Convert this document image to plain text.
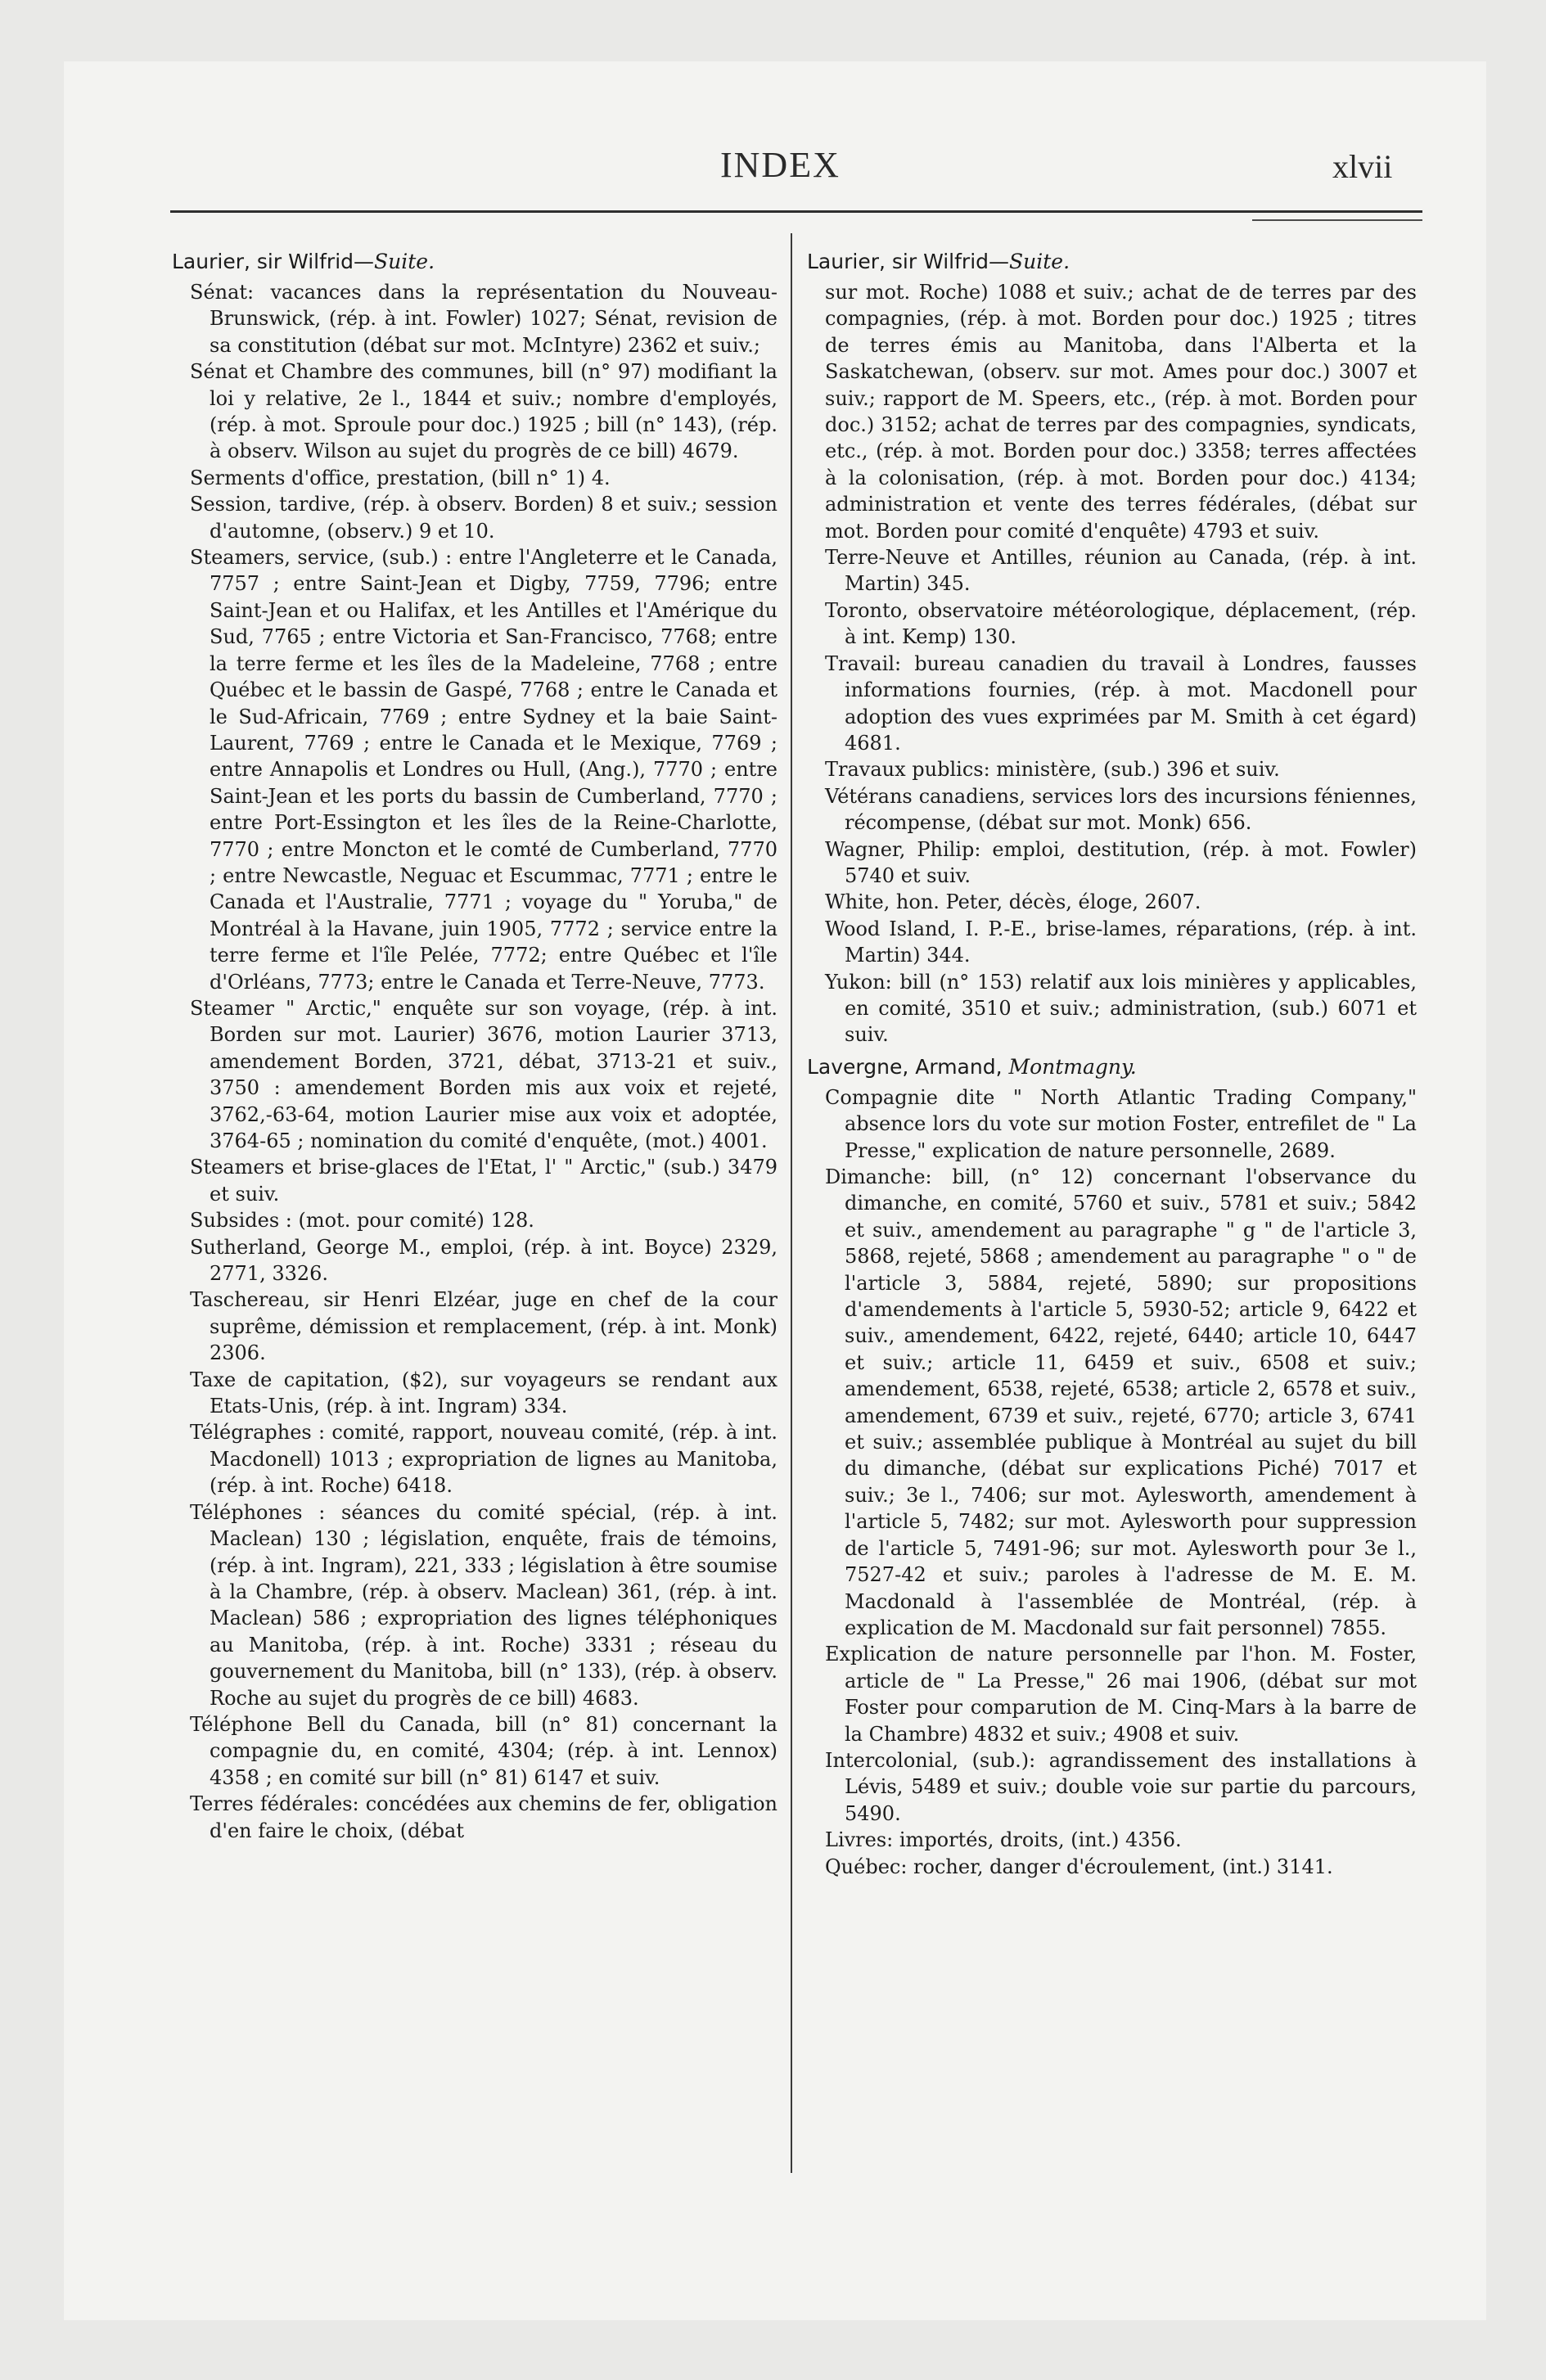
INDEX	xlvii
Laurier, sir Wilfrid—Suite.

Sénat: vacances dans la représentation du Nouveau-Brunswick, (rép. à int. Fowler) 1027; Sénat, revision de sa constitution (débat sur mot. McIntyre) 2362 et suiv.;

Sénat et Chambre des communes, bill (n° 97) modifiant la loi y relative, 2e l., 1844 et suiv.; nombre d'employés, (rép. à mot. Sproule pour doc.) 1925 ; bill (n° 143), (rép. à observ. Wilson au sujet du progrès de ce bill) 4679.

Serments d'office, prestation, (bill n° 1) 4.

Session, tardive, (rép. à observ. Borden) 8 et suiv.; session d'automne, (observ.) 9 et 10.

Steamers, service, (sub.) : entre l'Angleterre et le Canada, 7757 ; entre Saint-Jean et Digby, 7759, 7796; entre Saint-Jean et ou Halifax, et les Antilles et l'Amérique du Sud, 7765 ; entre Victoria et San-Francisco, 7768; entre la terre ferme et les îles de la Madeleine, 7768 ; entre Québec et le bassin de Gaspé, 7768 ; entre le Canada et le Sud-Africain, 7769 ; entre Sydney et la baie Saint-Laurent, 7769 ; entre le Canada et le Mexique, 7769 ; entre Annapolis et Londres ou Hull, (Ang.), 7770 ; entre Saint-Jean et les ports du bassin de Cumberland, 7770 ; entre Port-Essington et les îles de la Reine-Charlotte, 7770 ; entre Moncton et le comté de Cumberland, 7770 ; entre Newcastle, Neguac et Escummac, 7771 ; entre le Canada et l'Australie, 7771 ; voyage du " Yoruba," de Montréal à la Havane, juin 1905, 7772 ; service entre la terre ferme et l'île Pelée, 7772; entre Québec et l'île d'Orléans, 7773; entre le Canada et Terre-Neuve, 7773.

Steamer " Arctic," enquête sur son voyage, (rép. à int. Borden sur mot. Laurier) 3676, motion Laurier 3713, amendement Borden, 3721, débat, 3713-21 et suiv., 3750 : amendement Borden mis aux voix et rejeté, 3762,-63-64, motion Laurier mise aux voix et adoptée, 3764-65 ; nomination du comité d'enquête, (mot.) 4001.

Steamers et brise-glaces de l'Etat, l' " Arctic," (sub.) 3479 et suiv.

Subsides : (mot. pour comité) 128.

Sutherland, George M., emploi, (rép. à int. Boyce) 2329, 2771, 3326.

Taschereau, sir Henri Elzéar, juge en chef de la cour suprême, démission et remplacement, (rép. à int. Monk) 2306.

Taxe de capitation, ($2), sur voyageurs se rendant aux Etats-Unis, (rép. à int. Ingram) 334.

Télégraphes : comité, rapport, nouveau comité, (rép. à int. Macdonell) 1013 ; expropriation de lignes au Manitoba, (rép. à int. Roche) 6418.

Téléphones : séances du comité spécial, (rép. à int. Maclean) 130 ; législation, enquête, frais de témoins, (rép. à int. Ingram), 221, 333 ; législation à être soumise à la Chambre, (rép. à observ. Maclean) 361, (rép. à int. Maclean) 586 ; expropriation des lignes téléphoniques au Manitoba, (rép. à int. Roche) 3331 ; réseau du gouvernement du Manitoba, bill (n° 133), (rép. à observ. Roche au sujet du progrès de ce bill) 4683.

Téléphone Bell du Canada, bill (n° 81) concernant la compagnie du, en comité, 4304; (rép. à int. Lennox) 4358 ; en comité sur bill (n° 81) 6147 et suiv.

Terres fédérales: concédées aux chemins de fer, obligation d'en faire le choix, (débat

Laurier, sir Wilfrid—Suite.

sur mot. Roche) 1088 et suiv.; achat de de terres par des compagnies, (rép. à mot. Borden pour doc.) 1925 ; titres de terres émis au Manitoba, dans l'Alberta et la Saskatchewan, (observ. sur mot. Ames pour doc.) 3007 et suiv.; rapport de M. Speers, etc., (rép. à mot. Borden pour doc.) 3152; achat de terres par des compagnies, syndicats, etc., (rép. à mot. Borden pour doc.) 3358; terres affectées à la colonisation, (rép. à mot. Borden pour doc.) 4134; administration et vente des terres fédérales, (débat sur mot. Borden pour comité d'enquête) 4793 et suiv.

Terre-Neuve et Antilles, réunion au Canada, (rép. à int. Martin) 345.

Toronto, observatoire météorologique, déplacement, (rép. à int. Kemp) 130.

Travail: bureau canadien du travail à Londres, fausses informations fournies, (rép. à mot. Macdonell pour adoption des vues exprimées par M. Smith à cet égard) 4681.

Travaux publics: ministère, (sub.) 396 et suiv.

Vétérans canadiens, services lors des incursions féniennes, récompense, (débat sur mot. Monk) 656.

Wagner, Philip: emploi, destitution, (rép. à mot. Fowler) 5740 et suiv.

White, hon. Peter, décès, éloge, 2607.

Wood Island, I. P.-E., brise-lames, réparations, (rép. à int. Martin) 344.

Yukon: bill (n° 153) relatif aux lois minières y applicables, en comité, 3510 et suiv.; administration, (sub.) 6071 et suiv.

Lavergne, Armand, Montmagny.

Compagnie dite " North Atlantic Trading Company," absence lors du vote sur motion Foster, entrefilet de " La Presse," explication de nature personnelle, 2689.

Dimanche: bill, (n° 12) concernant l'observance du dimanche, en comité, 5760 et suiv., 5781 et suiv.; 5842 et suiv., amendement au paragraphe " g " de l'article 3, 5868, rejeté, 5868 ; amendement au paragraphe " o " de l'article 3, 5884, rejeté, 5890; sur propositions d'amendements à l'article 5, 5930-52; article 9, 6422 et suiv., amendement, 6422, rejeté, 6440; article 10, 6447 et suiv.; article 11, 6459 et suiv., 6508 et suiv.; amendement, 6538, rejeté, 6538; article 2, 6578 et suiv., amendement, 6739 et suiv., rejeté, 6770; article 3, 6741 et suiv.; assemblée publique à Montréal au sujet du bill du dimanche, (débat sur explications Piché) 7017 et suiv.; 3e l., 7406; sur mot. Aylesworth, amendement à l'article 5, 7482; sur mot. Aylesworth pour suppression de l'article 5, 7491-96; sur mot. Aylesworth pour 3e l., 7527-42 et suiv.; paroles à l'adresse de M. E. M. Macdonald à l'assemblée de Montréal, (rép. à explication de M. Macdonald sur fait personnel) 7855.

Explication de nature personnelle par l'hon. M. Foster, article de " La Presse," 26 mai 1906, (débat sur mot Foster pour comparution de M. Cinq-Mars à la barre de la Chambre) 4832 et suiv.; 4908 et suiv.

Intercolonial, (sub.): agrandissement des installations à Lévis, 5489 et suiv.; double voie sur partie du parcours, 5490.

Livres: importés, droits, (int.) 4356.

Québec: rocher, danger d'écroulement, (int.) 3141.
